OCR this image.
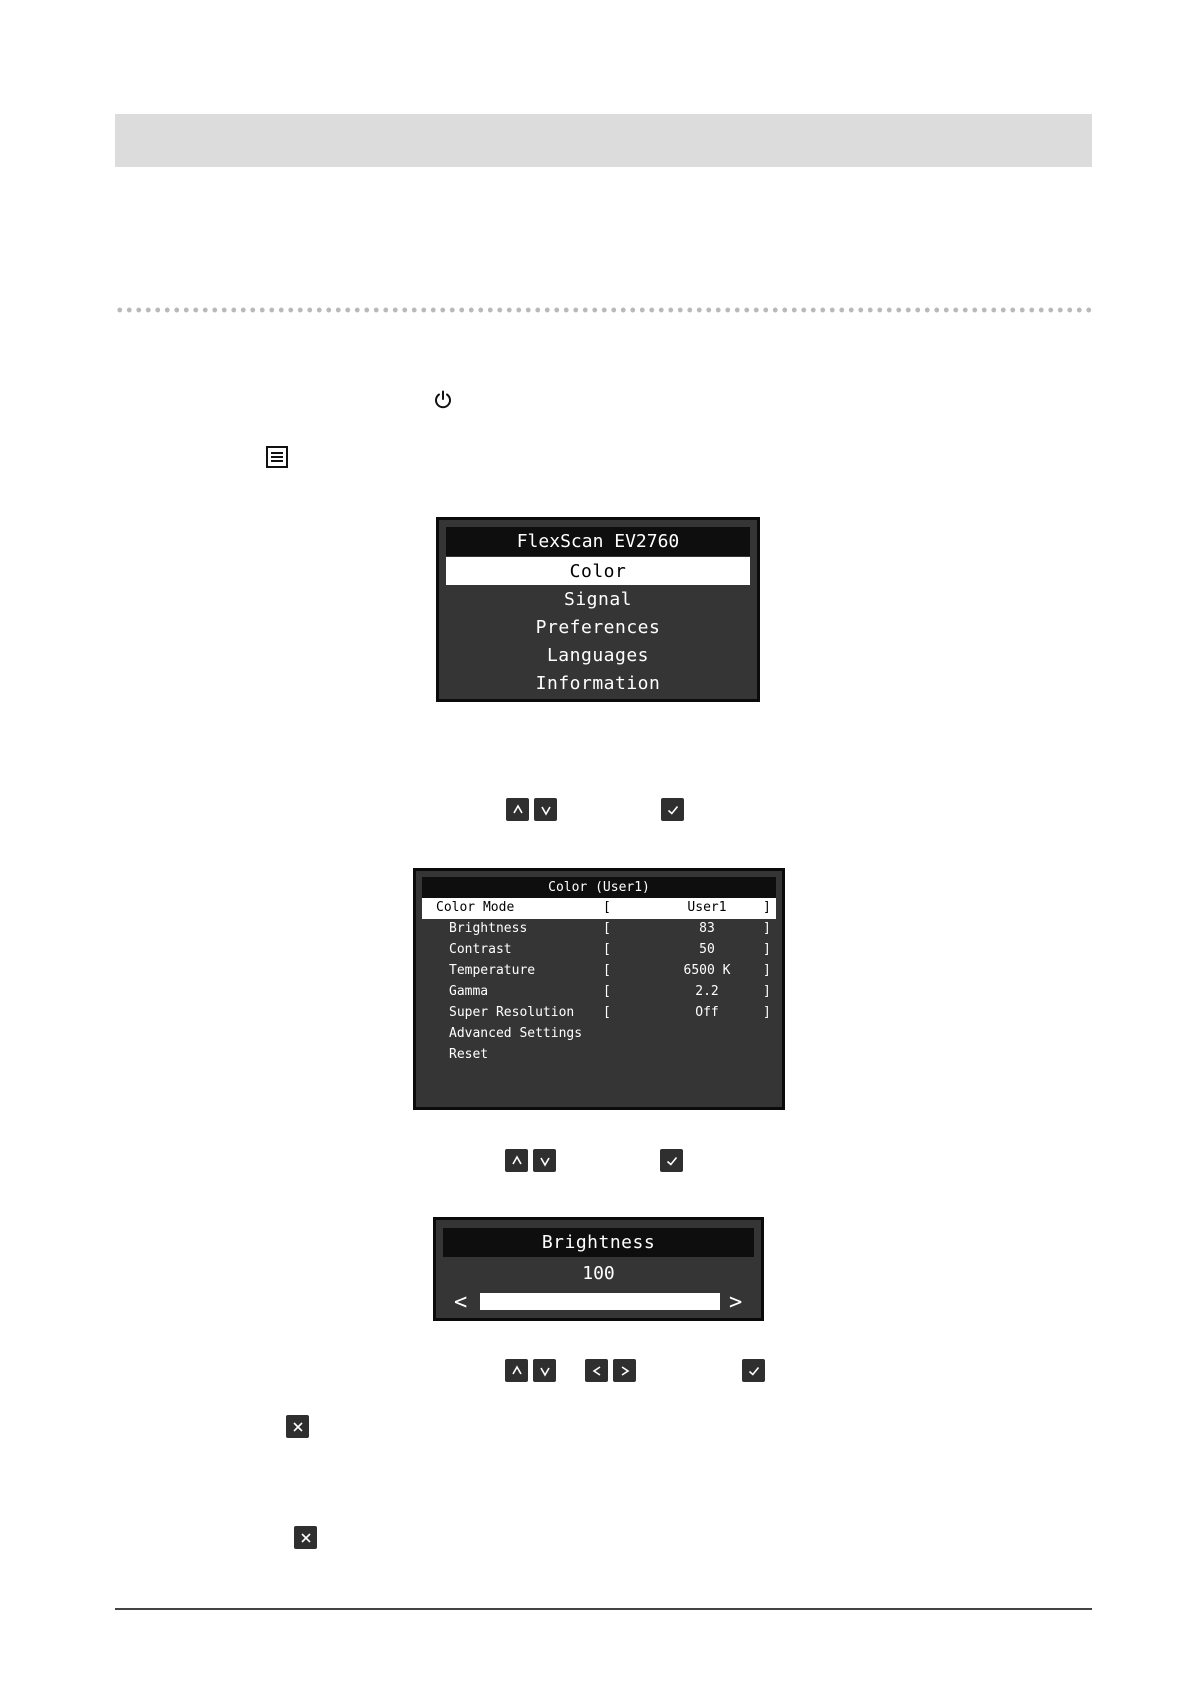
FlexScan EV2760
Color
Signal
Preferences
Languages
Information
Color (User1)
Color Mode	[	User1	]
Brightness	[	83	]
Contrast	[	50	]
Temperature	[	6500 K	]
Gamma	[	2.2	]
Super Resolution [	Off	]
Advanced Settings
Reset
Brightness
100
<	>
